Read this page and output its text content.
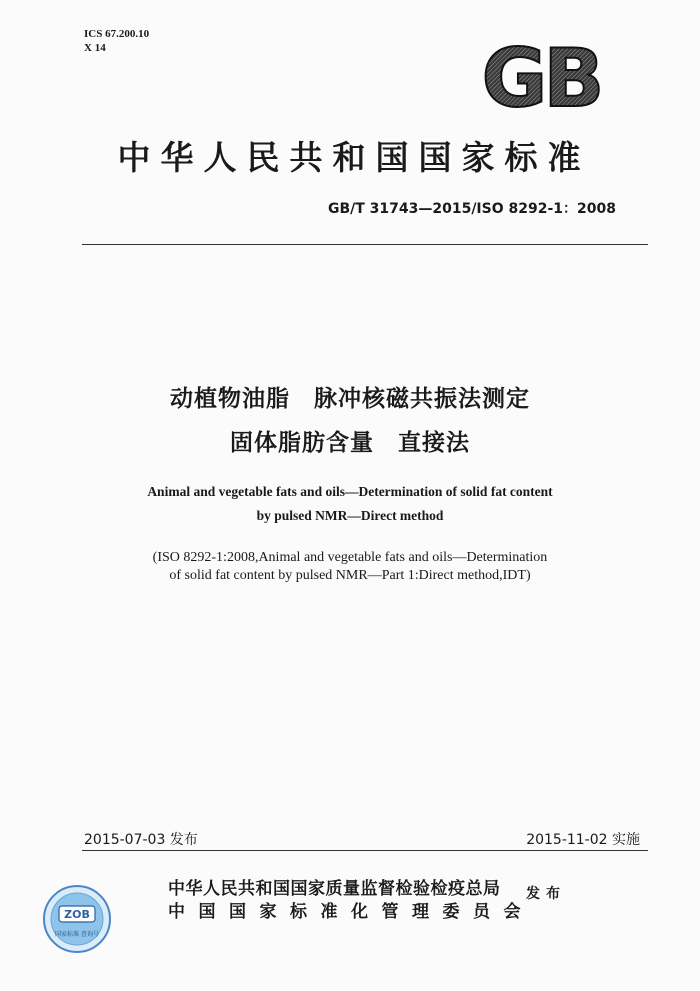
ICS 67.200.10
X 14	GB
中华人民共和国国家标准
GB/T 31743—2015/ISO 8292-1：2008
动植物油脂　脉冲核磁共振法测定
固体脂肪含量　直接法
Animal and vegetable fats and oils—Determination of solid fat content
by pulsed NMR—Direct method
(ISO 8292-1:2008,Animal and vegetable fats and oils—Determination
of solid fat content by pulsed NMR—Part 1:Direct method,IDT)
2015-07-03 发布	2015-11-02 实施
中华人民共和国国家质量监督检验检疫总局
中国国家标准化管理委员会
发布
ZOB
国家标准 查询号
